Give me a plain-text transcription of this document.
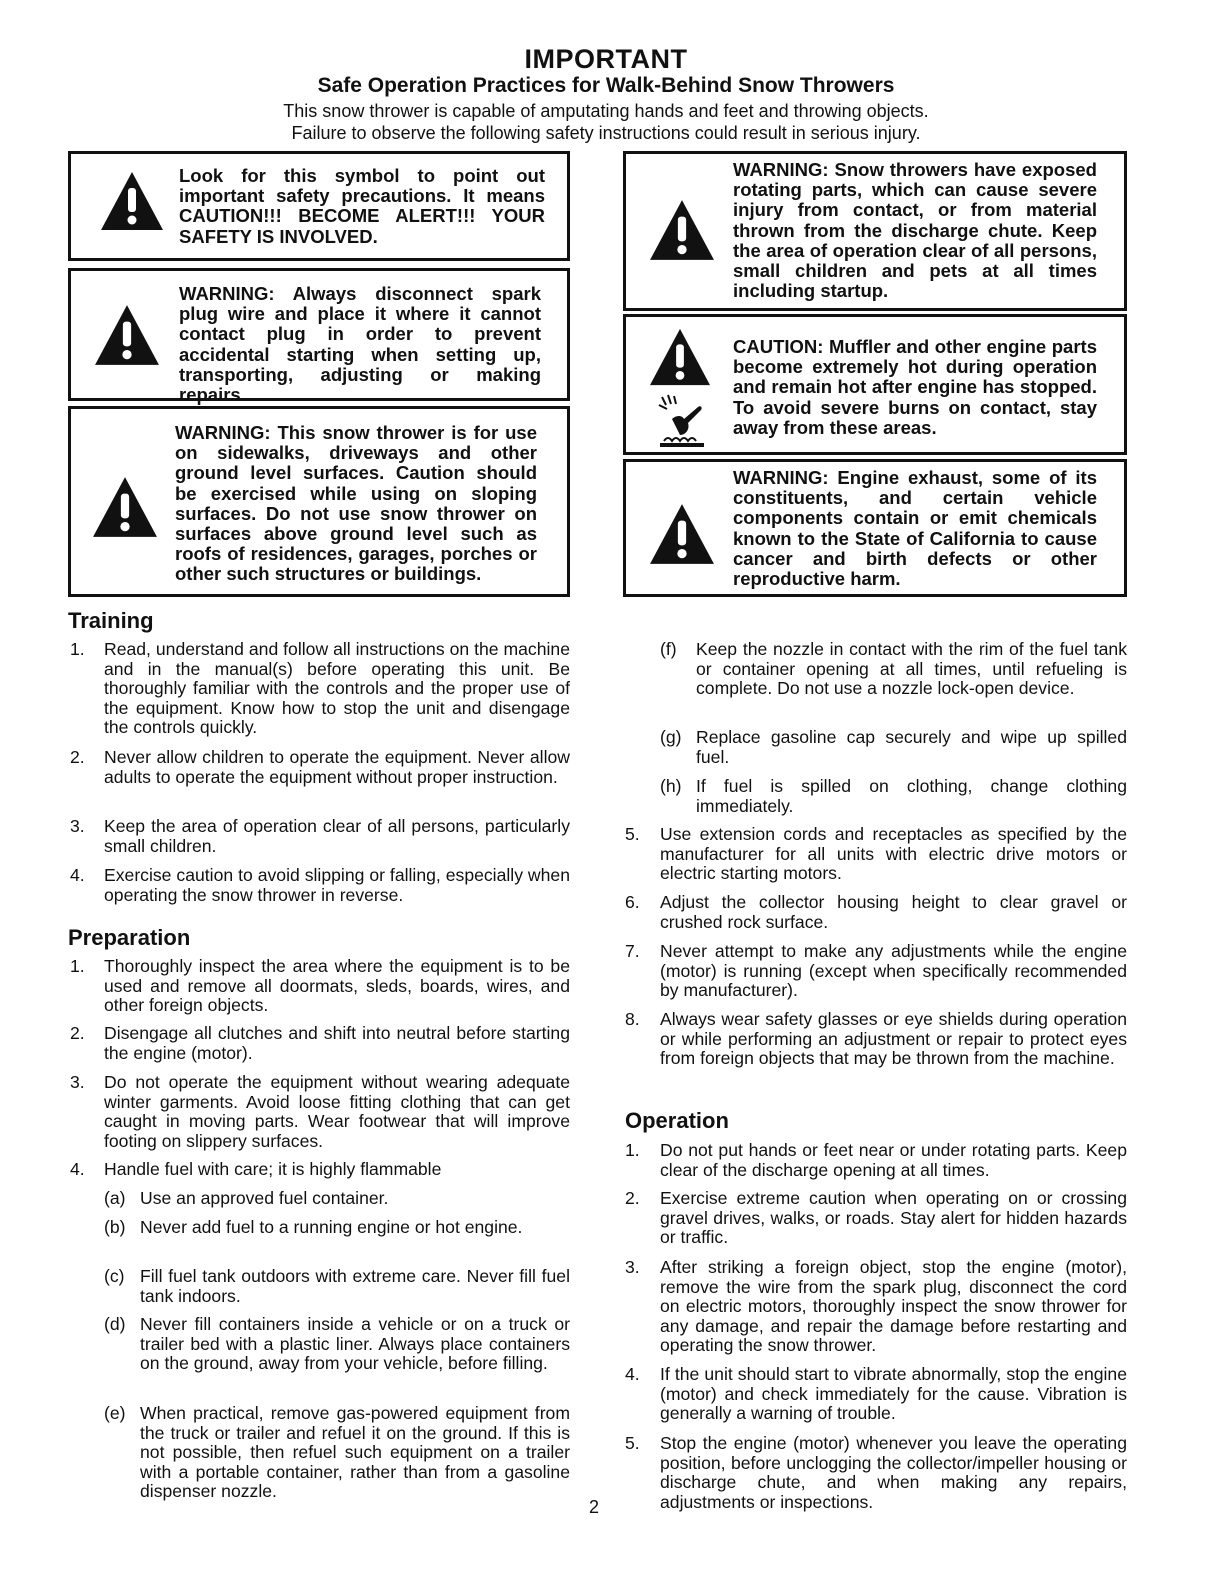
IMPORTANT
Safe Operation Practices for Walk-Behind Snow Throwers
This snow thrower is capable of amputating hands and feet and throwing objects.
Failure to observe the following safety instructions could result in serious injury.
Look for this symbol to point out important safety precautions. It means CAUTION!!! BECOME ALERT!!! YOUR SAFETY IS INVOLVED.
WARNING: Always disconnect spark plug wire and place it where it cannot contact plug in order to prevent accidental starting when setting up, transporting, adjusting or making repairs.
WARNING: This snow thrower is for use on sidewalks, driveways and other ground level surfaces. Caution should be exercised while using on sloping surfaces. Do not use snow thrower on surfaces above ground level such as roofs of residences, garages, porches or other such structures or buildings.
WARNING: Snow throwers have exposed rotating parts, which can cause severe injury from contact, or from material thrown from the discharge chute. Keep the area of operation clear of all persons, small children and pets at all times including startup.
CAUTION: Muffler and other engine parts become extremely hot during operation and remain hot after engine has stopped. To avoid severe burns on contact, stay away from these areas.
WARNING: Engine exhaust, some of its constituents, and certain vehicle components contain or emit chemicals known to the State of California to cause cancer and birth defects or other reproductive harm.
Training
1. Read, understand and follow all instructions on the machine and in the manual(s) before operating this unit. Be thoroughly familiar with the controls and the proper use of the equipment. Know how to stop the unit and disengage the controls quickly.
2. Never allow children to operate the equipment. Never allow adults to operate the equipment without proper instruction.
3. Keep the area of operation clear of all persons, particularly small children.
4. Exercise caution to avoid slipping or falling, especially when operating the snow thrower in reverse.
Preparation
1. Thoroughly inspect the area where the equipment is to be used and remove all doormats, sleds, boards, wires, and other foreign objects.
2. Disengage all clutches and shift into neutral before starting the engine (motor).
3. Do not operate the equipment without wearing adequate winter garments. Avoid loose fitting clothing that can get caught in moving parts. Wear footwear that will improve footing on slippery surfaces.
4. Handle fuel with care; it is highly flammable
(a) Use an approved fuel container.
(b) Never add fuel to a running engine or hot engine.
(c) Fill fuel tank outdoors with extreme care. Never fill fuel tank indoors.
(d) Never fill containers inside a vehicle or on a truck or trailer bed with a plastic liner. Always place containers on the ground, away from your vehicle, before filling.
(e) When practical, remove gas-powered equipment from the truck or trailer and refuel it on the ground. If this is not possible, then refuel such equipment on a trailer with a portable container, rather than from a gasoline dispenser nozzle.
(f) Keep the nozzle in contact with the rim of the fuel tank or container opening at all times, until refueling is complete. Do not use a nozzle lock-open device.
(g) Replace gasoline cap securely and wipe up spilled fuel.
(h) If fuel is spilled on clothing, change clothing immediately.
5. Use extension cords and receptacles as specified by the manufacturer for all units with electric drive motors or electric starting motors.
6. Adjust the collector housing height to clear gravel or crushed rock surface.
7. Never attempt to make any adjustments while the engine (motor) is running (except when specifically recommended by manufacturer).
8. Always wear safety glasses or eye shields during operation or while performing an adjustment or repair to protect eyes from foreign objects that may be thrown from the machine.
Operation
1. Do not put hands or feet near or under rotating parts. Keep clear of the discharge opening at all times.
2. Exercise extreme caution when operating on or crossing gravel drives, walks, or roads. Stay alert for hidden hazards or traffic.
3. After striking a foreign object, stop the engine (motor), remove the wire from the spark plug, disconnect the cord on electric motors, thoroughly inspect the snow thrower for any damage, and repair the damage before restarting and operating the snow thrower.
4. If the unit should start to vibrate abnormally, stop the engine (motor) and check immediately for the cause. Vibration is generally a warning of trouble.
5. Stop the engine (motor) whenever you leave the operating position, before unclogging the collector/impeller housing or discharge chute, and when making any repairs, adjustments or inspections.
2
